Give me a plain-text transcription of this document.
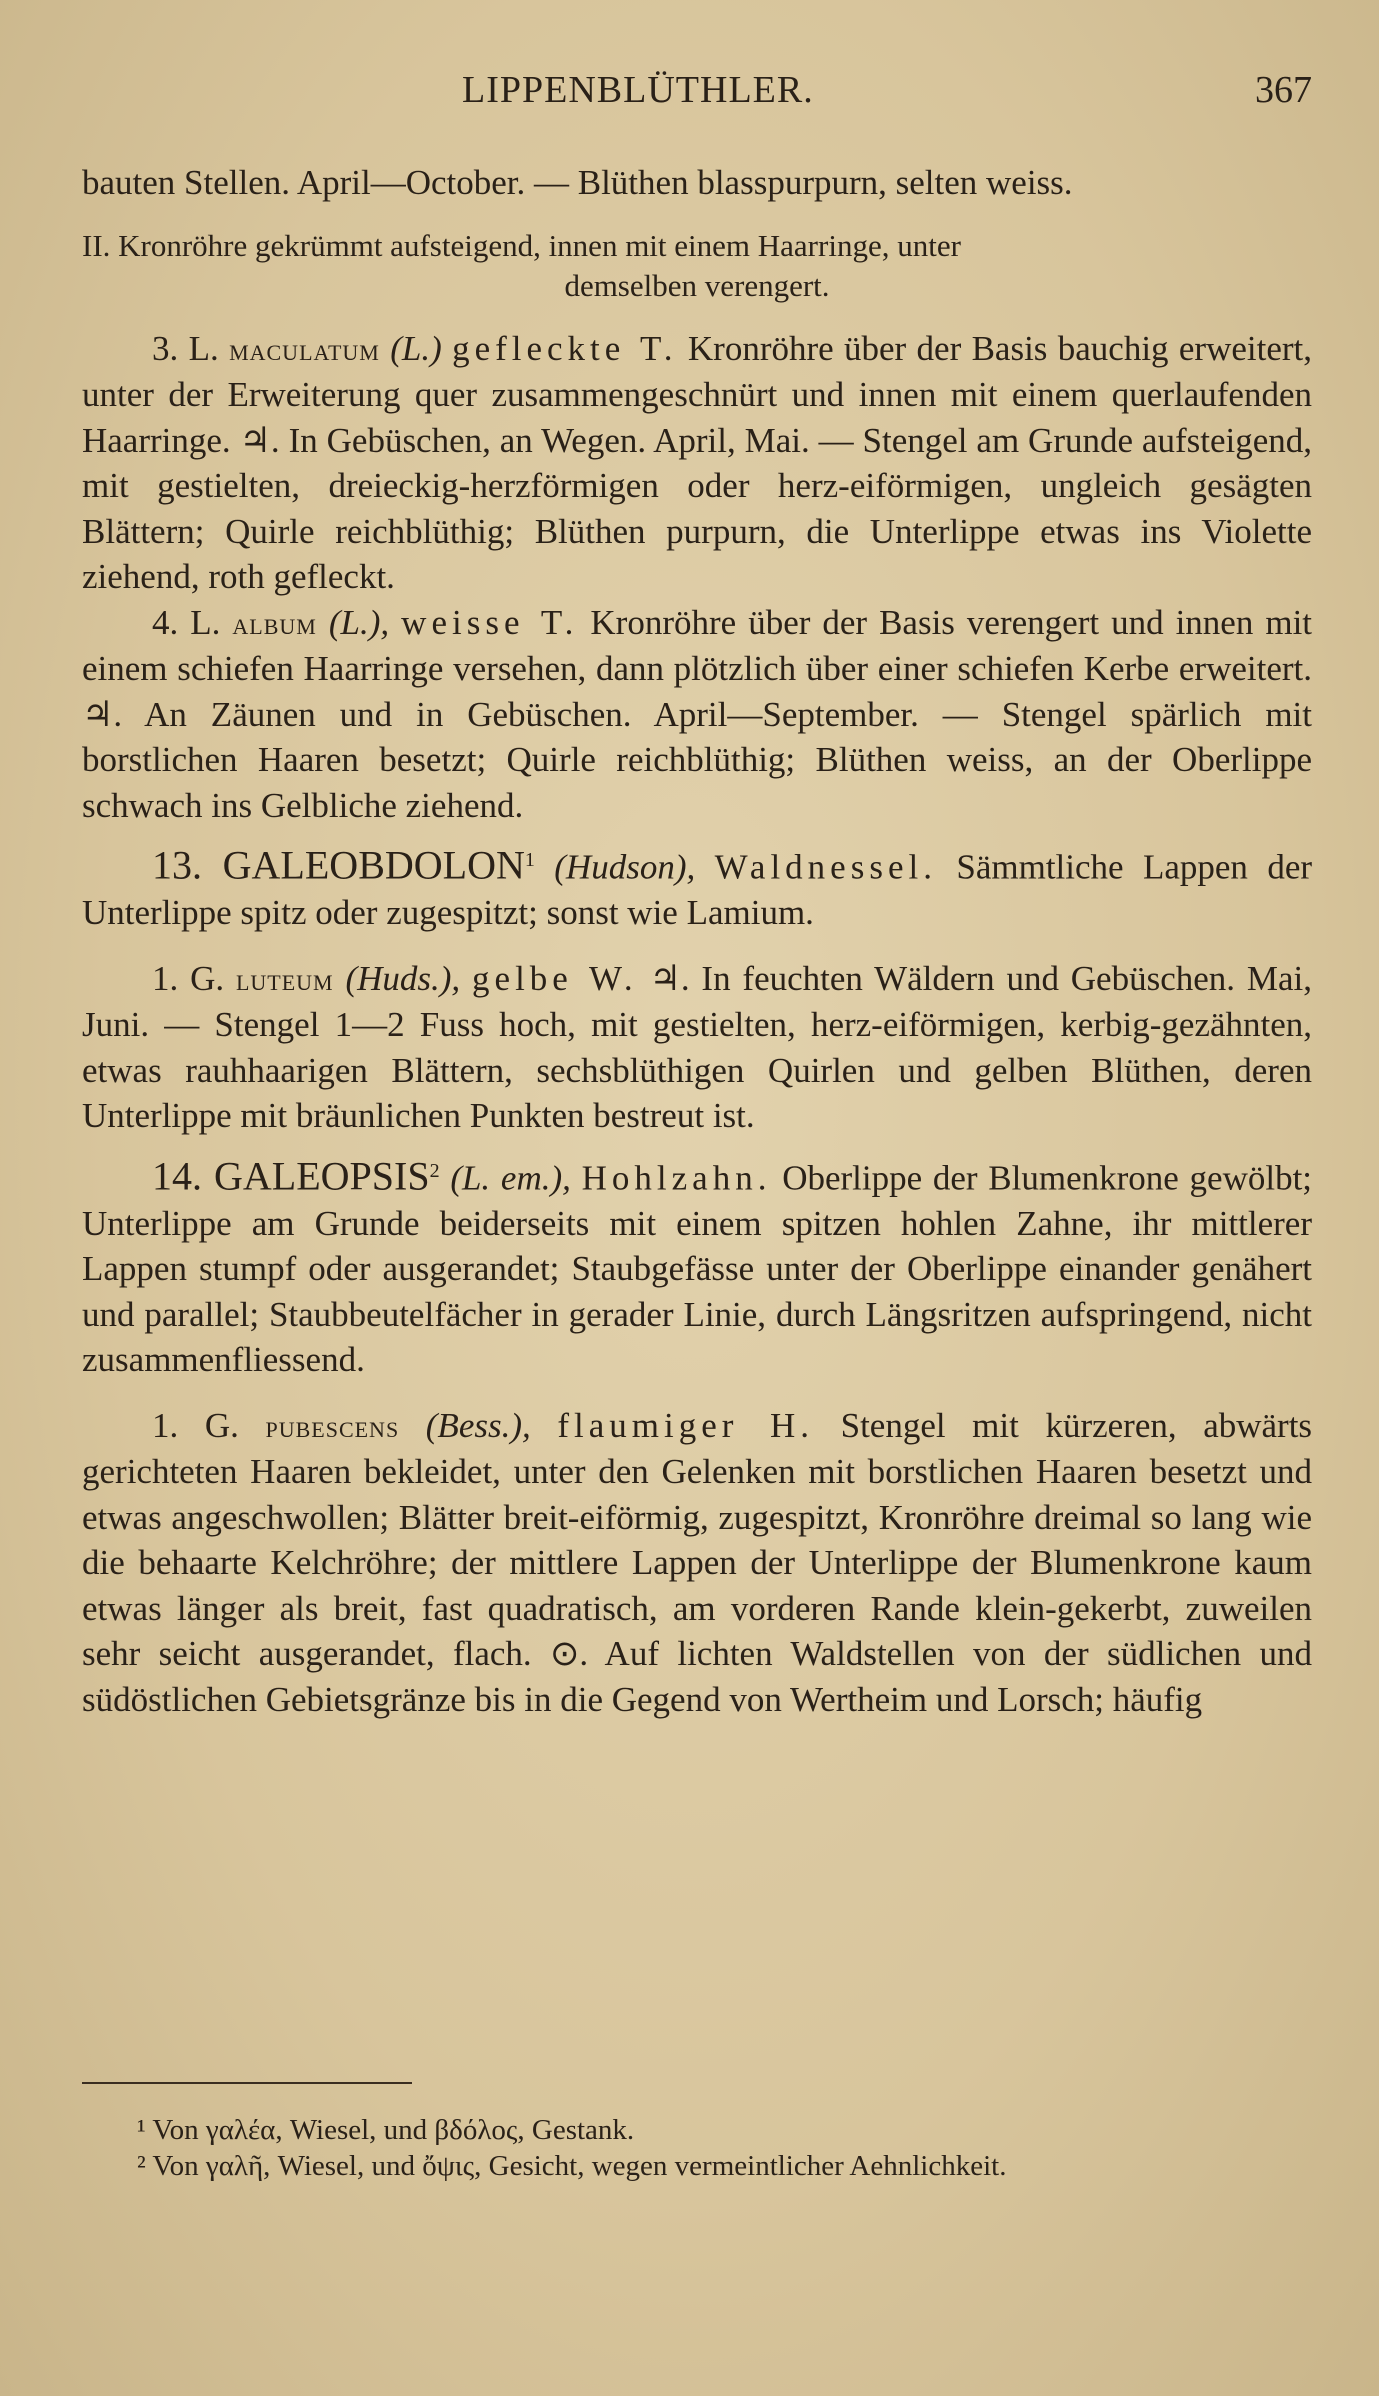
LIPPENBLÜTHLER.	367

bauten Stellen. April—October. — Blüthen blasspurpurn, selten weiss.

II. Kronröhre gekrümmt aufsteigend, innen mit einem Haarringe, unter

demselben verengert.

3. L. maculatum (L.) gefleckte T. Kronröhre über der Basis bauchig erweitert, unter der Erweiterung quer zusammengeschnürt und innen mit einem querlaufenden Haarringe. ♃. In Gebüschen, an Wegen. April, Mai. — Stengel am Grunde aufsteigend, mit gestielten, dreieckig-herzförmigen oder herz-eiförmigen, ungleich gesägten Blättern; Quirle reichblüthig; Blüthen purpurn, die Unterlippe etwas ins Violette ziehend, roth gefleckt.

4. L. album (L.), weisse T. Kronröhre über der Basis verengert und innen mit einem schiefen Haarringe versehen, dann plötzlich über einer schiefen Kerbe erweitert. ♃. An Zäunen und in Gebüschen. April—September. — Stengel spärlich mit borstlichen Haaren besetzt; Quirle reichblüthig; Blüthen weiss, an der Oberlippe schwach ins Gelbliche ziehend.

13. GALEOBDOLON$^1$ (Hudson), Waldnessel. Sämmtliche Lappen der Unterlippe spitz oder zugespitzt; sonst wie Lamium.

1. G. luteum (Huds.), gelbe W. ♃. In feuchten Wäldern und Gebüschen. Mai, Juni. — Stengel 1—2 Fuss hoch, mit gestielten, herz-eiförmigen, kerbig-gezähnten, etwas rauhhaarigen Blättern, sechsblüthigen Quirlen und gelben Blüthen, deren Unterlippe mit bräunlichen Punkten bestreut ist.

14. GALEOPSIS$^2$ (L. em.), Hohlzahn. Oberlippe der Blumenkrone gewölbt; Unterlippe am Grunde beiderseits mit einem spitzen hohlen Zahne, ihr mittlerer Lappen stumpf oder ausgerandet; Staubgefässe unter der Oberlippe einander genähert und parallel; Staubbeutelfächer in gerader Linie, durch Längsritzen aufspringend, nicht zusammenfliessend.

1. G. pubescens (Bess.), flaumiger H. Stengel mit kürzeren, abwärts gerichteten Haaren bekleidet, unter den Gelenken mit borstlichen Haaren besetzt und etwas angeschwollen; Blätter breit-eiförmig, zugespitzt, Kronröhre dreimal so lang wie die behaarte Kelchröhre; der mittlere Lappen der Unterlippe der Blumenkrone kaum etwas länger als breit, fast quadratisch, am vorderen Rande klein-gekerbt, zuweilen sehr seicht ausgerandet, flach. ⊙. Auf lichten Waldstellen von der südlichen und südöstlichen Gebietsgränze bis in die Gegend von Wertheim und Lorsch; häufig

¹ Von γαλέα, Wiesel, und βδόλος, Gestank.

² Von γαλῆ, Wiesel, und ὄψις, Gesicht, wegen vermeintlicher Aehnlichkeit.
